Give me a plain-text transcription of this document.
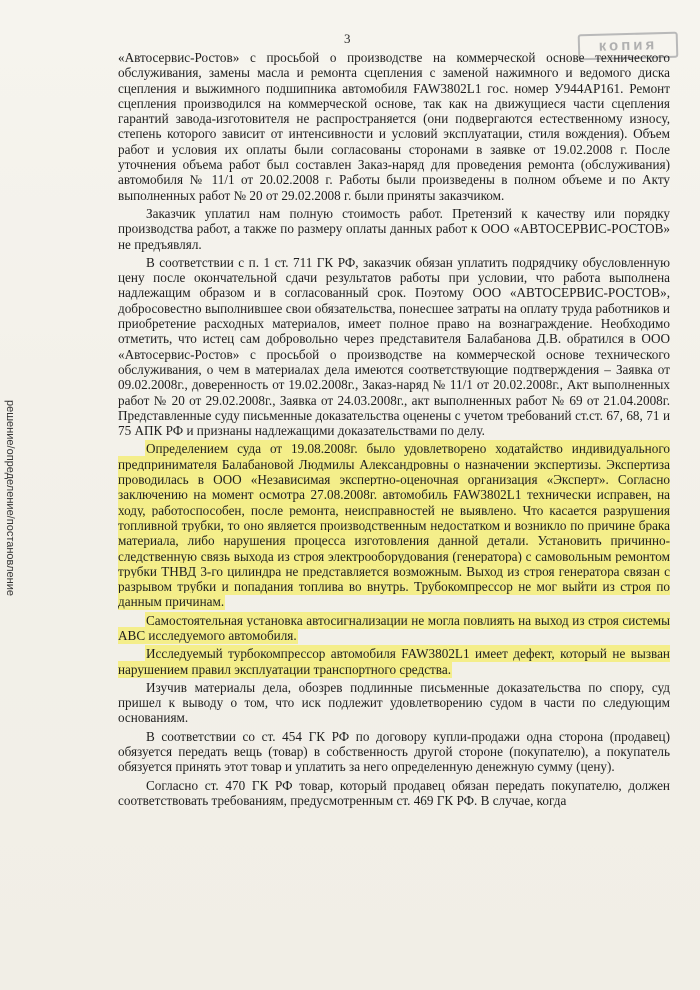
3	копия
решение/определение/постановление

«Автосервис-Ростов» с просьбой о производстве на коммерческой основе технического обслуживания, замены масла и ремонта сцепления с заменой нажимного и ведомого диска сцепления и выжимного подшипника автомобиля FAW3802L1 гос. номер У944АР161. Ремонт сцепления производился на коммерческой основе, так как на движущиеся части сцепления гарантий завода-изготовителя не распространяется (они подвергаются естественному износу, степень которого зависит от интенсивности и условий эксплуатации, стиля вождения). Объем работ и условия их оплаты были согласованы сторонами в заявке от 19.02.2008 г. После уточнения объема работ был составлен Заказ-наряд для проведения ремонта (обслуживания) автомобиля № 11/1 от 20.02.2008 г. Работы были произведены в полном объеме и по Акту выполненных работ № 20 от 29.02.2008 г. были приняты заказчиком.

Заказчик уплатил нам полную стоимость работ. Претензий к качеству или порядку производства работ, а также по размеру оплаты данных работ к ООО «АВТОСЕРВИС-РОСТОВ» не предъявлял.

В соответствии с п. 1 ст. 711 ГК РФ, заказчик обязан уплатить подрядчику обусловленную цену после окончательной сдачи результатов работы при условии, что работа выполнена надлежащим образом и в согласованный срок. Поэтому ООО «АВТОСЕРВИС-РОСТОВ», добросовестно выполнившее свои обязательства, понесшее затраты на оплату труда работников и приобретение расходных материалов, имеет полное право на вознаграждение. Необходимо отметить, что истец сам добровольно через представителя Балабанова Д.В. обратился в ООО «Автосервис-Ростов» с просьбой о производстве на коммерческой основе технического обслуживания, о чем в материалах дела имеются соответствующие подтверждения – Заявка от 09.02.2008г., доверенность от 19.02.2008г., Заказ-наряд № 11/1 от 20.02.2008г., Акт выполненных работ № 20 от 29.02.2008г., Заявка от 24.03.2008г., акт выполненных работ № 69 от 21.04.2008г. Представленные суду письменные доказательства оценены с учетом требований ст.ст. 67, 68, 71 и 75 АПК РФ и признаны надлежащими доказательствами по делу.

Определением суда от 19.08.2008г. было удовлетворено ходатайство индивидуального предпринимателя Балабановой Людмилы Александровны о назначении экспертизы. Экспертиза проводилась в ООО «Независимая экспертно-оценочная организация «Эксперт». Согласно заключению на момент осмотра 27.08.2008г. автомобиль FAW3802L1 технически исправен, на ходу, работоспособен, после ремонта, неисправностей не выявлено. Что касается разрушения топливной трубки, то оно является производственным недостатком и возникло по причине брака материала, либо нарушения процесса изготовления данной детали. Установить причинно-следственную связь выхода из строя электрооборудования (генератора) с самовольным ремонтом трубки ТНВД 3-го цилиндра не представляется возможным. Выход из строя генератора связан с разрывом трубки и попадания топлива во внутрь. Трубокомпрессор не мог выйти из строя по данным причинам.

Самостоятельная установка автосигнализации не могла повлиять на выход из строя системы АВС исследуемого автомобиля.

Исследуемый турбокомпрессор автомобиля FAW3802L1 имеет дефект, который не вызван нарушением правил эксплуатации транспортного средства.

Изучив материалы дела, обозрев подлинные письменные доказательства по спору, суд пришел к выводу о том, что иск подлежит удовлетворению судом в части по следующим основаниям.

В соответствии со ст. 454 ГК РФ по договору купли-продажи одна сторона (продавец) обязуется передать вещь (товар) в собственность другой стороне (покупателю), а покупатель обязуется принять этот товар и уплатить за него определенную денежную сумму (цену).

Согласно ст. 470 ГК РФ товар, который продавец обязан передать покупателю, должен соответствовать требованиям, предусмотренным ст. 469 ГК РФ. В случае, когда
